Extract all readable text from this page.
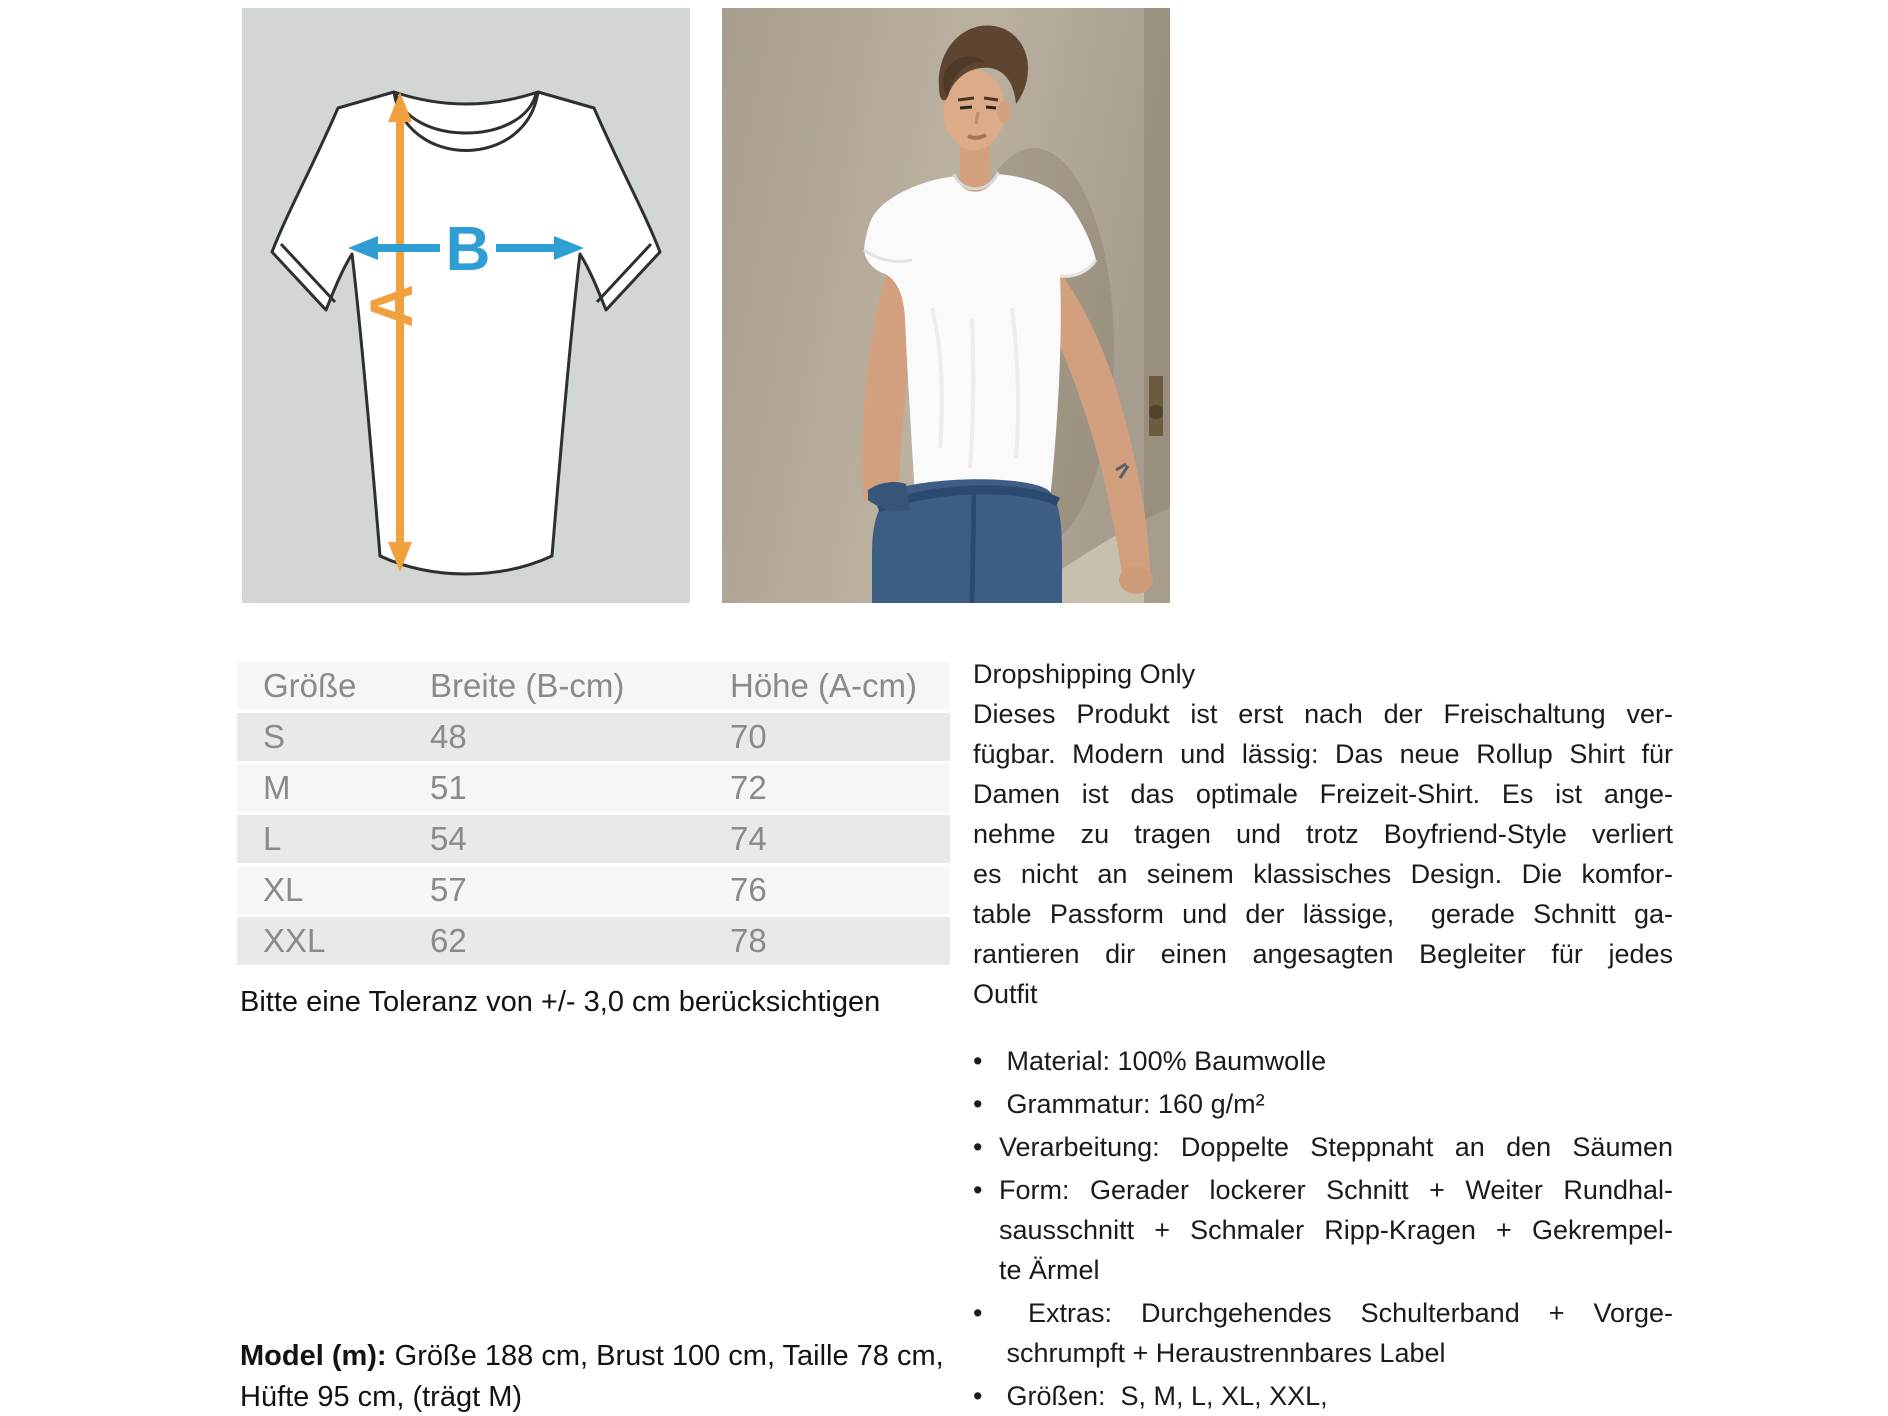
A
B
Größe	Breite (B-cm)	Höhe (A-cm)
S	48	70
M	51	72
L	54	74
XL	57	76
XXL	62	78
Bitte eine Toleranz von +/- 3,0 cm berücksichtigen
Model (m): Größe 188 cm, Brust 100 cm, Taille 78 cm,
Hüfte 95 cm, (trägt M)
Dropshipping Only
Dieses Produkt ist erst nach der Freischaltung ver-
fügbar. Modern und lässig: Das neue Rollup Shirt für
Damen ist das optimale Freizeit-Shirt. Es ist ange-
nehme zu tragen und trotz Boyfriend-Style verliert
es nicht an seinem klassisches Design. Die komfor-
table Passform und der lässige,  gerade Schnitt ga-
rantieren dir einen angesagten Begleiter für jedes
Outfit
• Material: 100% Baumwolle
• Grammatur: 160 g/m²
• Verarbeitung: Doppelte Steppnaht an den Säumen
• Form: Gerader lockerer Schnitt + Weiter Rundhal-
sausschnitt + Schmaler Ripp-Kragen + Gekrempel-
te Ärmel
• Extras: Durchgehendes Schulterband + Vorge-
schrumpft + Heraustrennbares Label
• Größen:  S, M, L, XL, XXL,
